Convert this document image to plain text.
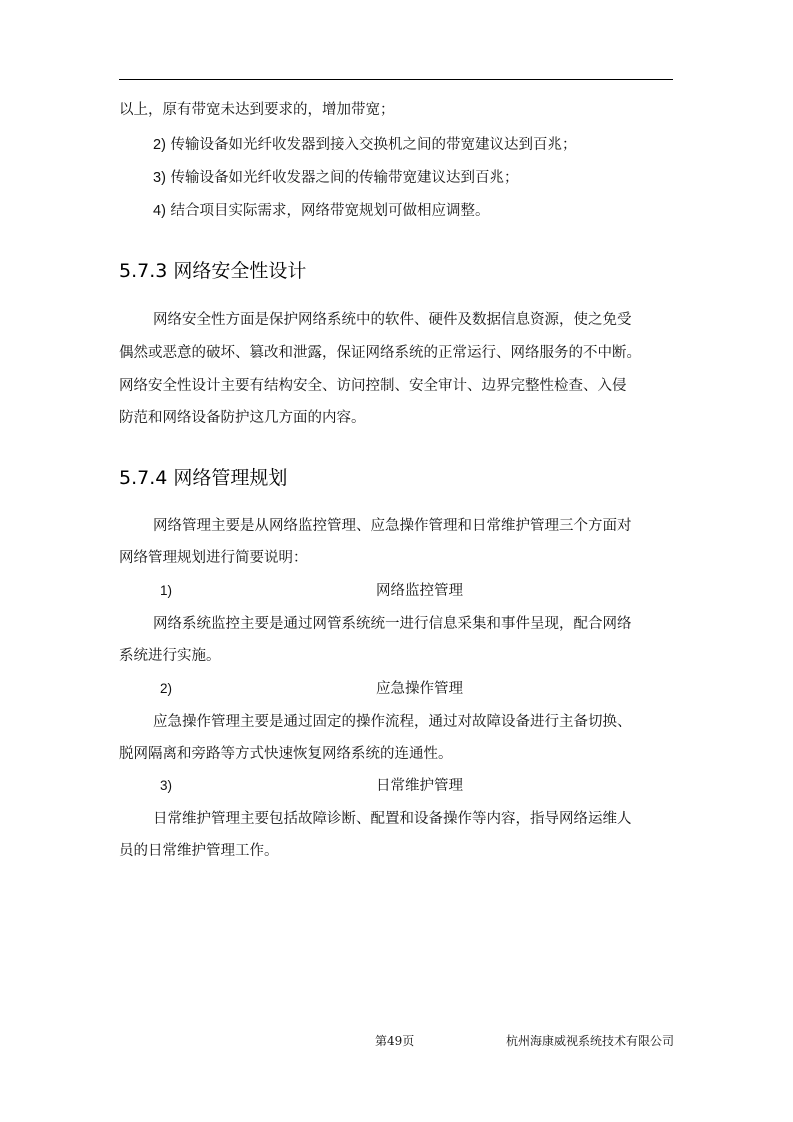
以上，原有带宽未达到要求的，增加带宽；
2) 传输设备如光纤收发器到接入交换机之间的带宽建议达到百兆；
3) 传输设备如光纤收发器之间的传输带宽建议达到百兆；
4) 结合项目实际需求，网络带宽规划可做相应调整。
5.7.3 网络安全性设计
网络安全性方面是保护网络系统中的软件、硬件及数据信息资源，使之免受
偶然或恶意的破坏、篡改和泄露，保证网络系统的正常运行、网络服务的不中断。
网络安全性设计主要有结构安全、访问控制、安全审计、边界完整性检查、入侵
防范和网络设备防护这几方面的内容。
5.7.4 网络管理规划
网络管理主要是从网络监控管理、应急操作管理和日常维护管理三个方面对
网络管理规划进行简要说明：
1)	网络监控管理
网络系统监控主要是通过网管系统统一进行信息采集和事件呈现，配合网络
系统进行实施。
2)	应急操作管理
应急操作管理主要是通过固定的操作流程，通过对故障设备进行主备切换、
脱网隔离和旁路等方式快速恢复网络系统的连通性。
3)	日常维护管理
日常维护管理主要包括故障诊断、配置和设备操作等内容，指导网络运维人
员的日常维护管理工作。
第49页	杭州海康威视系统技术有限公司
